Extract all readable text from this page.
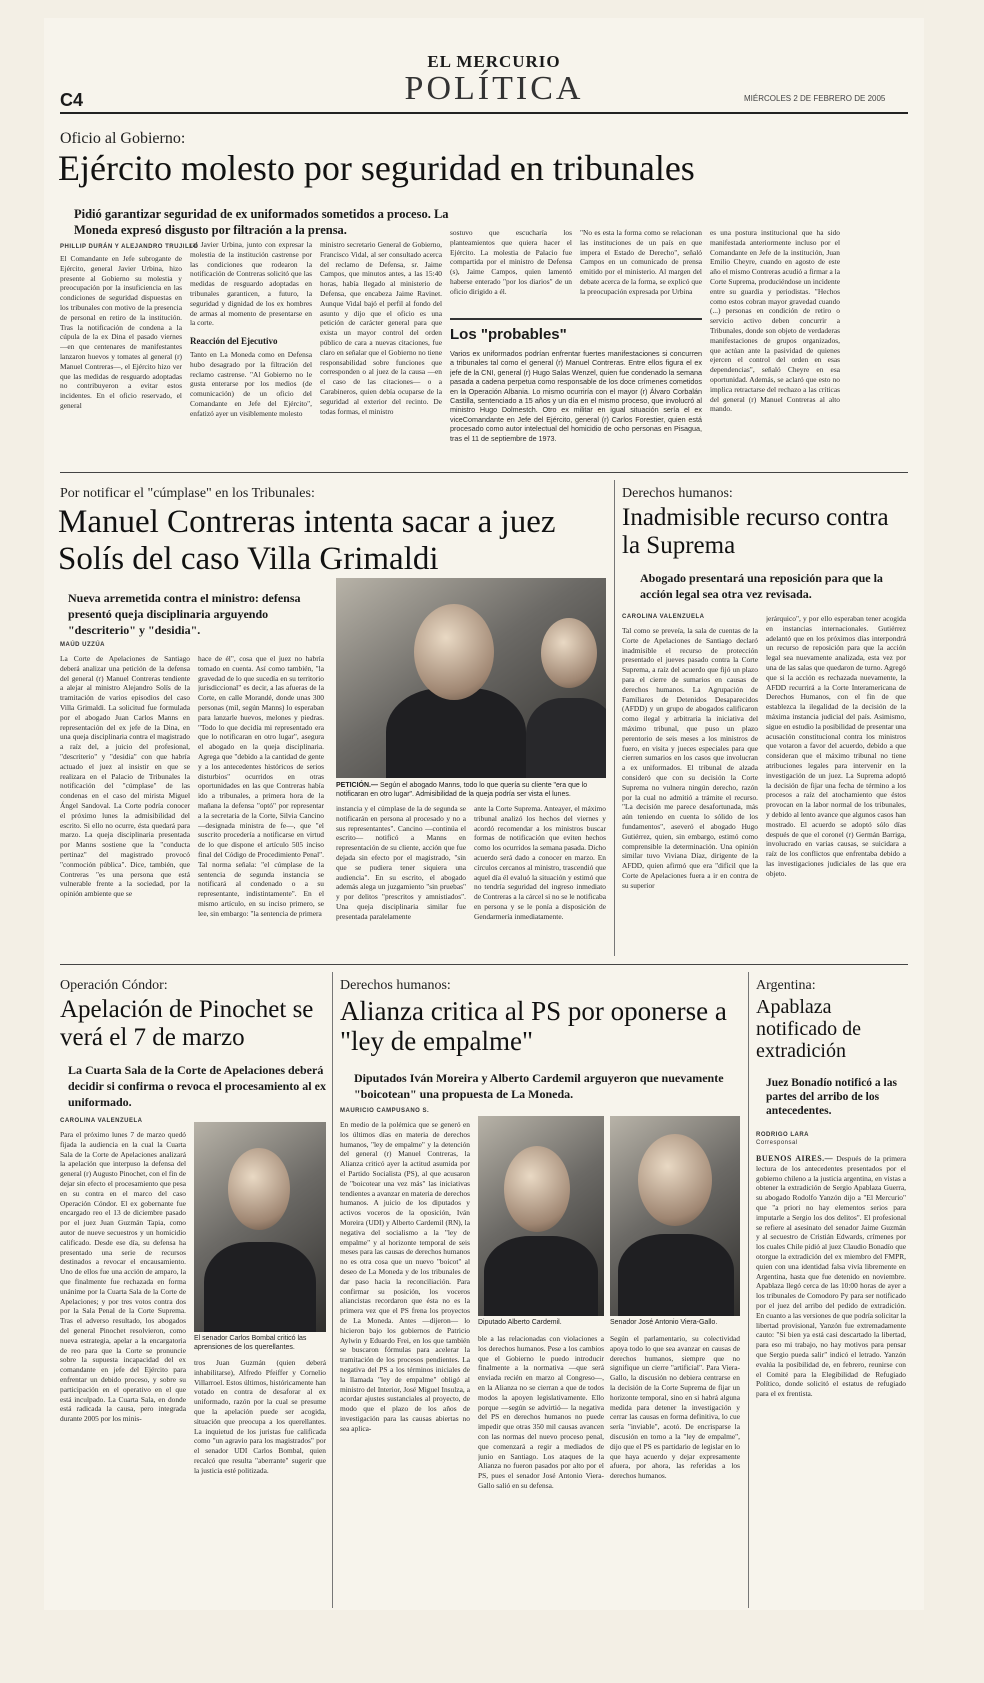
EL MERCURIO
POLÍTICA
C4	MIÉRCOLES 2 DE FEBRERO DE 2005
Oficio al Gobierno:
Ejército molesto por seguridad en tribunales
Pidió garantizar seguridad de ex uniformados sometidos a proceso. La Moneda expresó disgusto por filtración a la prensa.
PHILLIP DURÁN Y ALEJANDRO TRUJILLO
El Comandante en Jefe subrogante de Ejército, general Javier Urbina, hizo presente al Gobierno su molestia y preocupación por la insuficiencia en las condiciones de seguridad dispuestas en los tribunales con motivo de la presencia de personal en retiro de la institución. Tras la notificación de condena a la cúpula de la ex Dina el pasado viernes —en que centenares de manifestantes lanzaron huevos y tomates al general (r) Manuel Contreras—, el Ejército hizo ver que las medidas de resguardo adoptadas no contribuyeron a evitar estos incidentes. En el oficio reservado, el general
ral Javier Urbina, junto con expresar la molestia de la institución castrense por las condiciones que rodearon la notificación de Contreras solicitó que las medidas de resguardo adoptadas en tribunales garanticen, a futuro, la seguridad y dignidad de los ex hombres de armas al momento de presentarse en la corte.
Reacción del Ejecutivo
Tanto en La Moneda como en Defensa hubo desagrado por la filtración del reclamo castrense. "Al Gobierno no le gusta enterarse por los medios (de comunicación) de un oficio del Comandante en Jefe del Ejército", enfatizó ayer un visiblemente molesto
ministro secretario General de Gobierno, Francisco Vidal, al ser consultado acerca del reclamo de Defensa, sr. Jaime Campos, que minutos antes, a las 15:40 horas, había llegado al ministerio de Defensa, que encabeza Jaime Ravinet. Aunque Vidal bajó el perfil al fondo del asunto y dijo que el oficio es una petición de carácter general para que exista un mayor control del orden público de cara a nuevas citaciones, fue claro en señalar que el Gobierno no tiene responsabilidad sobre funciones que corresponden o al juez de la causa —en el caso de las citaciones— o a Carabineros, quien debía ocuparse de la seguridad al exterior del recinto. De todas formas, el ministro
sostuvo que escucharía los planteamientos que quiera hacer el Ejército. La molestia de Palacio fue compartida por el ministro de Defensa (s), Jaime Campos, quien lamentó haberse enterado "por los diarios" de un oficio dirigido a él.
"No es esta la forma como se relacionan las instituciones de un país en que impera el Estado de Derecho", señaló Campos en un comunicado de prensa emitido por el ministerio. Al margen del debate acerca de la forma, se explicó que la preocupación expresada por Urbina
es una postura institucional que ha sido manifestada anteriormente incluso por el Comandante en Jefe de la institución, Juan Emilio Cheyre, cuando en agosto de este año el mismo Contreras acudió a firmar a la Corte Suprema, produciéndose un incidente entre su guardia y periodistas. "Hechos como estos cobran mayor gravedad cuando (...) personas en condición de retiro o servicio activo deben concurrir a Tribunales, donde son objeto de verdaderas manifestaciones de grupos organizados, que actúan ante la pasividad de quienes ejercen el control del orden en esas dependencias", señaló Cheyre en esa oportunidad. Además, se aclaró que esto no implica retractarse del rechazo a las críticas del general (r) Manuel Contreras al alto mando.
Los "probables"
Varios ex uniformados podrían enfrentar fuertes manifestaciones si concurren a tribunales tal como el general (r) Manuel Contreras. Entre ellos figura el ex jefe de la CNI, general (r) Hugo Salas Wenzel, quien fue condenado la semana pasada a cadena perpetua como responsable de los doce crímenes cometidos en la Operación Albania. Lo mismo ocurriría con el mayor (r) Álvaro Corbalán Castilla, sentenciado a 15 años y un día en el mismo proceso, que involucró al ministro Hugo Dolmestch. Otro ex militar en igual situación sería el ex viceComandante en Jefe del Ejército, general (r) Carlos Forestier, quien está procesado como autor intelectual del homicidio de ocho personas en Pisagua, tras el 11 de septiembre de 1973.
Por notificar el "cúmplase" en los Tribunales:
Manuel Contreras intenta sacar a juez Solís del caso Villa Grimaldi
Nueva arremetida contra el ministro: defensa presentó queja disciplinaria arguyendo "descriterio" y "desidia".
MAÚD UZZÚA
La Corte de Apelaciones de Santiago deberá analizar una petición de la defensa del general (r) Manuel Contreras tendiente a alejar al ministro Alejandro Solís de la tramitación de varios episodios del caso Villa Grimaldi. La solicitud fue formulada por el abogado Juan Carlos Manns en representación del ex jefe de la Dina, en una queja disciplinaria contra el magistrado a raíz del, a juicio del profesional, "descriterio" y "desidia" con que habría actuado el juez al insistir en que se realizara en el Palacio de Tribunales la notificación del "cúmplase" de las condenas en el caso del mirista Miguel Ángel Sandoval. La Corte podría conocer el próximo lunes la admisibilidad del escrito. Si ello no ocurre, ésta quedará para marzo. La queja disciplinaria presentada por Manns sostiene que la "conducta pertinaz" del magistrado provocó "conmoción pública". Dice, también, que Contreras "es una persona que está vulnerable frente a la sociedad, por la opinión ambiente que se
hace de él", cosa que el juez no habría tomado en cuenta. Así como también, "la gravedad de lo que sucedía en su territorio jurisdiccional" es decir, a las afueras de la Corte, en calle Morandé, donde unas 300 personas (mil, según Manns) lo esperaban para lanzarle huevos, melones y piedras. "Todo lo que decidía mi representado era que lo notificaran en otro lugar", asegura el abogado en la queja disciplinaria. Agrega que "debido a la cantidad de gente y a los antecedentes históricos de serios disturbios" ocurridos en otras oportunidades en las que Contreras había ido a tribunales, a primera hora de la mañana la defensa "optó" por representar a la secretaria de la Corte, Silvia Cancino —designada ministra de fe—, que "el suscrito procedería a notificarse en virtud de lo que dispone el artículo 505 inciso final del Código de Procedimiento Penal". Tal norma señala: "el cúmplase de la sentencia de segunda instancia se notificará al condenado o a su representante, indistintamente". En el mismo artículo, en su inciso primero, se lee, sin embargo: "la sentencia de primera
PETICIÓN.— Según el abogado Manns, todo lo que quería su cliente "era que lo notificaran en otro lugar". Admisibilidad de la queja podría ser vista el lunes.
instancia y el cúmplase de la de segunda se notificarán en persona al procesado y no a sus representantes". Cancino —continúa el escrito— notificó a Manns en representación de su cliente, acción que fue dejada sin efecto por el magistrado, "sin que se pudiera tener siquiera una audiencia". En su escrito, el abogado además alega un juzgamiento "sin pruebas" y por delitos "prescritos y amnistiados". Una queja disciplinaria similar fue presentada paralelamente
ante la Corte Suprema. Anteayer, el máximo tribunal analizó los hechos del viernes y acordó recomendar a los ministros buscar formas de notificación que eviten hechos como los ocurridos la semana pasada. Dicho acuerdo será dado a conocer en marzo. En círculos cercanos al ministro, trascendió que aquel día él evaluó la situación y estimó que no tendría seguridad del ingreso inmediato de Contreras a la cárcel si no se le notificaba en persona y se le ponía a disposición de Gendarmería inmediatamente.
Derechos humanos:
Inadmisible recurso contra la Suprema
Abogado presentará una reposición para que la acción legal sea otra vez revisada.
CAROLINA VALENZUELA
Tal como se preveía, la sala de cuentas de la Corte de Apelaciones de Santiago declaró inadmisible el recurso de protección presentado el jueves pasado contra la Corte Suprema, a raíz del acuerdo que fijó un plazo para el cierre de sumarios en causas de derechos humanos. La Agrupación de Familiares de Detenidos Desaparecidos (AFDD) y un grupo de abogados calificaron como ilegal y arbitraria la iniciativa del máximo tribunal, que puso un plazo perentorio de seis meses a los ministros de fuero, en visita y jueces especiales para que cierren sumarios en los casos que involucran a ex uniformados. El tribunal de alzada consideró que con su decisión la Corte Suprema no vulnera ningún derecho, razón por la cual no admitió a trámite el recurso. "La decisión me parece desafortunada, más aún teniendo en cuenta lo sólido de los fundamentos", aseveró el abogado Hugo Gutiérrez, quien, sin embargo, estimó como comprensible la determinación. Una opinión similar tuvo Viviana Díaz, dirigente de la AFDD, quien afirmó que era "difícil que la Corte de Apelaciones fuera a ir en contra de su superior
jerárquico", y por ello esperaban tener acogida en instancias internacionales. Gutiérrez adelantó que en los próximos días interpondrá un recurso de reposición para que la acción legal sea nuevamente analizada, esta vez por una de las salas que quedaron de turno. Agregó que si la acción es rechazada nuevamente, la AFDD recurrirá a la Corte Interamericana de Derechos Humanos, con el fin de que establezca la ilegalidad de la decisión de la máxima instancia judicial del país. Asimismo, sigue en estudio la posibilidad de presentar una acusación constitucional contra los ministros que votaron a favor del acuerdo, debido a que consideran que el máximo tribunal no tiene atribuciones legales para intervenir en la investigación de un juez. La Suprema adoptó la decisión de fijar una fecha de término a los procesos a raíz del atochamiento que éstos provocan en la labor normal de los tribunales, y debido al lento avance que algunos casos han mostrado. El acuerdo se adoptó sólo días después de que el coronel (r) Germán Barriga, involucrado en varias causas, se suicidara a raíz de los conflictos que enfrentaba debido a las investigaciones judiciales de las que era objeto.
Operación Cóndor:
Apelación de Pinochet se verá el 7 de marzo
La Cuarta Sala de la Corte de Apelaciones deberá decidir si confirma o revoca el procesamiento al ex uniformado.
CAROLINA VALENZUELA
Para el próximo lunes 7 de marzo quedó fijada la audiencia en la cual la Cuarta Sala de la Corte de Apelaciones analizará la apelación que interpuso la defensa del general (r) Augusto Pinochet, con el fin de dejar sin efecto el procesamiento que pesa en su contra en el marco del caso Operación Cóndor. El ex gobernante fue encargado reo el 13 de diciembre pasado por el juez Juan Guzmán Tapia, como autor de nueve secuestros y un homicidio calificado. Desde ese día, su defensa ha presentado una serie de recursos destinados a revocar el encausamiento. Uno de ellos fue una acción de amparo, la que finalmente fue rechazada en forma unánime por la Cuarta Sala de la Corte de Apelaciones; y por tres votos contra dos por la Sala Penal de la Corte Suprema. Tras el adverso resultado, los abogados del general Pinochet resolvieron, como nueva estrategia, apelar a la encargatoria de reo para que la Corte se pronuncie sobre la supuesta incapacidad del ex comandante en jefe del Ejército para enfrentar un debido proceso, y sobre su participación en el operativo en el que está inculpado. La Cuarta Sala, en donde está radicada la causa, pero integrada durante 2005 por los minis-
El senador Carlos Bombal criticó las aprensiones de los querellantes.
tros Juan Guzmán (quien deberá inhabilitarse), Alfredo Pfeiffer y Cornelio Villarroel. Estos últimos, históricamente han votado en contra de desaforar al ex uniformado, razón por la cual se presume que la apelación puede ser acogida, situación que preocupa a los querellantes. La inquietud de los juristas fue calificada como "un agravio para los magistrados" por el senador UDI Carlos Bombal, quien recalcó que resulta "aberrante" sugerir que la justicia esté politizada.
Derechos humanos:
Alianza critica al PS por oponerse a "ley de empalme"
Diputados Iván Moreira y Alberto Cardemil arguyeron que nuevamente "boicotean" una propuesta de La Moneda.
MAURICIO CAMPUSANO S.
En medio de la polémica que se generó en los últimos días en materia de derechos humanos, "ley de empalme" y la detención del general (r) Manuel Contreras, la Alianza criticó ayer la actitud asumida por el Partido Socialista (PS), al que acusaron de "boicotear una vez más" las iniciativas tendientes a avanzar en materia de derechos humanos. A juicio de los diputados y activos voceros de la oposición, Iván Moreira (UDI) y Alberto Cardemil (RN), la negativa del socialismo a la "ley de empalme" y al horizonte temporal de seis meses para las causas de derechos humanos no es otra cosa que un nuevo "boicot" al deseo de La Moneda y de los tribunales de dar paso hacia la reconciliación. Para confirmar su posición, los voceros aliancistas recordaron que ésta no es la primera vez que el PS frena los proyectos de La Moneda. Antes —dijeron— lo hicieron bajo los gobiernos de Patricio Aylwin y Eduardo Frei, en los que también se buscaron fórmulas para acelerar la tramitación de los procesos pendientes. La negativa del PS a los términos iniciales de la llamada "ley de empalme" obligó al ministro del Interior, José Miguel Insulza, a acordar ajustes sustanciales al proyecto, de modo que el plazo de los años de investigación para las causas abiertas no sea aplica-
Diputado Alberto Cardemil.	Senador José Antonio Viera-Gallo.
ble a las relacionadas con violaciones a los derechos humanos. Pese a los cambios que el Gobierno le puedo introducir finalmente a la normativa —que será enviada recién en marzo al Congreso—, en la Alianza no se cierran a que de todos modos la apoyen legislativamente. Ello porque —según se advirtió— la negativa del PS en derechos humanos no puede impedir que otras 350 mil causas avancen con las normas del nuevo proceso penal, que comenzará a regir a mediados de junio en Santiago. Los ataques de la Alianza no fueron pasados por alto por el PS, pues el senador José Antonio Viera-Gallo salió en su defensa.
Según el parlamentario, su colectividad apoya todo lo que sea avanzar en causas de derechos humanos, siempre que no signifique un cierre "artificial". Para Viera-Gallo, la discusión no debiera centrarse en la decisión de la Corte Suprema de fijar un horizonte temporal, sino en si habrá alguna medida para detener la investigación y cerrar las causas en forma definitiva, lo cue sería "inviable", acotó. De encrisparse la discusión en torno a la "ley de empalme", dijo que el PS es partidario de legislar en lo que haya acuerdo y dejar expresamente afuera, por ahora, las referidas a los derechos humanos.
Argentina:
Apablaza notificado de extradición
Juez Bonadío notificó a las partes del arribo de los antecedentes.
RODRIGO LARA
Corresponsal
BUENOS AIRES.— Después de la primera lectura de los antecedentes presentados por el gobierno chileno a la justicia argentina, en vistas a obtener la extradición de Sergio Apablaza Guerra, su abogado Rodolfo Yanzón dijo a "El Mercurio" que "a priori no hay elementos serios para imputarle a Sergio los dos delitos". El profesional se refiere al asesinato del senador Jaime Guzmán y al secuestro de Cristián Edwards, crímenes por los cuales Chile pidió al juez Claudio Bonadío que otorgue la extradición del ex miembro del FMPR, quien con una identidad falsa vivía libremente en Argentina, hasta que fue detenido en noviembre. Apablaza llegó cerca de las 10:00 horas de ayer a los tribunales de Comodoro Py para ser notificado por el juez del arribo del pedido de extradición. En cuanto a las versiones de que podría solicitar la libertad provisional, Yanzón fue extremadamente cauto: "Si bien ya está casi descartado la libertad, para eso mi trabajo, no hay motivos para pensar que Sergio pueda salir" indicó el letrado. Yanzón evalúa la posibilidad de, en febrero, reunirse con el Comité para la Elegibilidad de Refugiado Político, donde solicitó el estatus de refugiado para el ex frentista.
